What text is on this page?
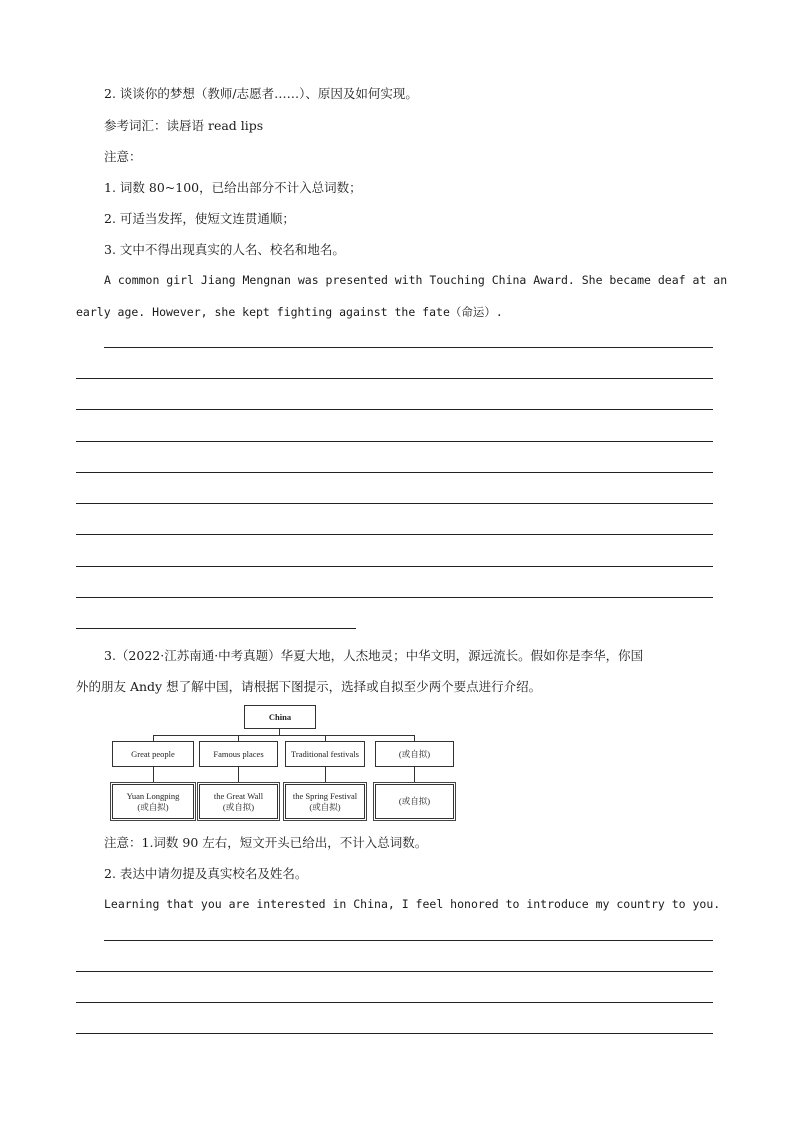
2. 谈谈你的梦想（教师/志愿者……）、原因及如何实现。
参考词汇：读唇语 read lips
注意：
1. 词数 80~100，已给出部分不计入总词数；
2. 可适当发挥，使短文连贯通顺；
3. 文中不得出现真实的人名、校名和地名。
A common girl Jiang Mengnan was presented with Touching China Award. She became deaf at an
early age. However, she kept fighting against the fate（命运）.
3.（2022·江苏南通·中考真题）华夏大地，人杰地灵；中华文明，源远流长。假如你是李华，你国
外的朋友 Andy 想了解中国，请根据下图提示，选择或自拟至少两个要点进行介绍。
China
Great people	Famous places	Traditional festivals	(或自拟)
Yuan Longping
(或自拟)
the Great Wall
(或自拟)
the Spring Festival
(或自拟)
(或自拟)
注意：1.词数 90 左右，短文开头已给出，不计入总词数。
2. 表达中请勿提及真实校名及姓名。
Learning that you are interested in China, I feel honored to introduce my country to you.
